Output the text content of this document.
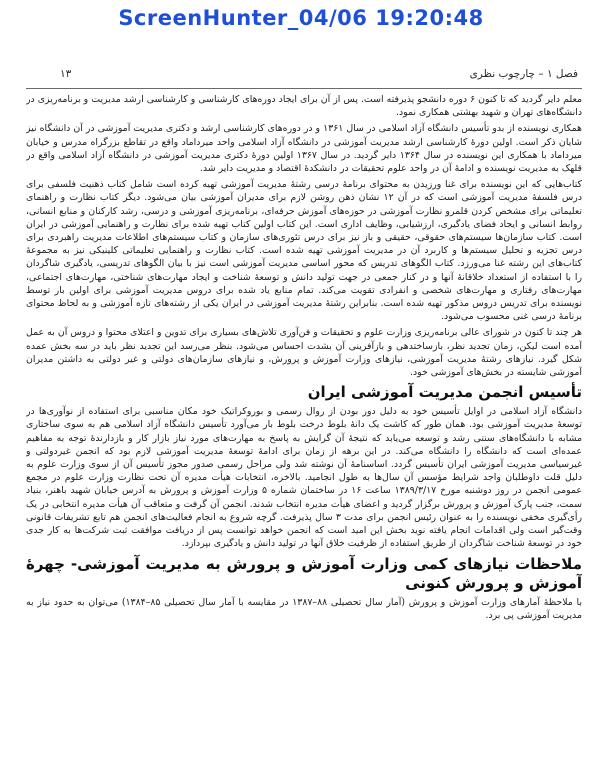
ScreenHunter_04/06 19:20:48
فصل ۱ – چارچوب نظری
۱۳

معلم دایر گردید که تا کنون ۶ دوره دانشجو پذیرفته است. پس از آن برای ایجاد دوره‌های کارشناسی و کارشناسی ارشد مدیریت و برنامه‌ریزی در دانشگاه‌های تهران و شهید بهشتی همکاری نمود.

همکاری نویسنده از بدو تأسیس دانشگاه آزاد اسلامی در سال ۱۳۶۱ و در دوره‌های کارشناسی ارشد و دکتری مدیریت آموزشی در آن دانشگاه نیز شایان ذکر است. اولین دورهٔ کارشناسی ارشد مدیریت آموزشی در دانشگاه آزاد اسلامی واحد میرداماد واقع در تقاطع بزرگراه مدرس و خیابان میرداماد با همکاری این نویسنده در سال ۱۳۶۴ دایر گردید. در سال ۱۳۶۷ اولین دورهٔ دکتری مدیریت آموزشی در دانشگاه آزاد اسلامی واقع در قلهک به مدیریت نویسنده و ادامهٔ آن در واحد علوم تحقیقات در دانشکدهٔ اقتصاد و مدیریت دایر شد.

کتاب‌هایی که این نویسنده برای غنا ورزیدن به محتوای برنامهٔ درسی رشتهٔ مدیریت آموزشی تهیه کرده است شامل کتاب ذهنیت فلسفی برای درس فلسفهٔ مدیریت آموزشی است که در آن ۱۲ نشان ذهن روشن لازم برای مدیران آموزشی بیان می‌شود. دیگر کتاب نظارت و راهنمای تعلیماتی برای مشخص کردن قلمرو نظارت آموزشی در حوزه‌های آموزش حرفه‌ای، برنامه‌ریزی آموزشی و درسی، رشد کارکنان و منابع انسانی، روابط انسانی و ایجاد فضای یادگیری، ارزشیابی، وظایف اداری است. این کتاب اولین کتاب تهیه شده برای نظارت و راهنمایی آموزشی در ایران است. کتاب سازمان‌ها سیستم‌های حقوقی، حقیقی و باز نیز برای درس تئوری‌های سازمان و کتاب سیستم‌های اطلاعات مدیریت راهبردی برای درس تجزیه و تحلیل سیستم‌ها و کاربرد آن در مدیریت آموزشی تهیه شده است. کتاب نظارت و راهنمایی تعلیماتی کلینیکی نیز به مجموعهٔ کتاب‌های این رشته غنا می‌ورزد. کتاب الگوهای تدریس که محور اساسی مدیریت آموزشی است نیز با بیان الگوهای تدریسی، یادگیری شاگردان را با استفاده از استعداد خلاقانهٔ آنها و در کنار جمعی در جهت تولید دانش و توسعهٔ شناخت و ایجاد مهارت‌های شناختی، مهارت‌های اجتماعی، مهارت‌های رفتاری و مهارت‌های شخصی و انفرادی تقویت می‌کند. تمام منابع یاد شده برای دروس مدیریت آموزشی برای اولین بار توسط نویسنده برای تدریس دروس مذکور تهیه شده است. بنابراین رشتهٔ مدیریت آموزشی در ایران یکی از رشته‌های تازه آموزشی و به لحاظ محتوای برنامهٔ درسی غنی محسوب می‌شود.

هر چند تا کنون در شورای عالی برنامه‌ریزی وزارت علوم و تحقیقات و فن‌آوری تلاش‌های بسیاری برای تدوین و اعتلای محتوا و دروس آن به عمل آمده است لیکن، زمان تجدید نظر، بازساختدهی و بازآفرینی آن بشدت احساس می‌شود. بنظر می‌رسد این تجدید نظر باید در سه بخش عمده شکل گیرد. نیازهای رشتهٔ مدیریت آموزشی، نیازهای وزارت آموزش و پرورش، و نیازهای سازمان‌های دولتی و غیر دولتی به داشتن مدیران آموزشی شایسته در بخش‌های آموزشی خود.

تأسیس انجمن مدیریت آموزشی ایران

دانشگاه آزاد اسلامی در اوایل تأسیس خود به دلیل دور بودن از روال رسمی و بوروکراتیک خود مکان مناسبی برای استفاده از نوآوری‌ها در توسعهٔ مدیریت آموزشی بود. همان طور که کاشت یک دانهٔ بلوط درخت بلوط بار می‌آورد تأسیس دانشگاه آزاد اسلامی هم به سوی ساختاری مشابه با دانشگاه‌های سنتی رشد و توسعه می‌یابد که نتیجهٔ آن گرایش به پاسخ به مهارت‌های مورد نیاز بازار کار و بازدارندهٔ توجه به مفاهیم عمده‌ای است که دانشگاه را دانشگاه می‌کند. در این برهه از زمان برای ادامهٔ توسعهٔ مدیریت آموزشی لازم بود که انجمن غیردولتی و غیرسیاسی مدیریت آموزشی ایران تأسیس گردد. اساسنامهٔ آن نوشته شد ولی مراحل رسمی صدور مجوز تأسیس آن از سوی وزارت علوم به دلیل قلت داوطلبان واجد شرایط مؤسس آن سال‌ها به طول انجامید. بالاخره، انتخابات هیأت مدیره آن تحت نظارت وزارت علوم در مجمع عمومی انجمن در روز دوشنبه مورخ ۱۳۸۹/۳/۱۷ ساعت ۱۶ در ساختمان شماره ۵ وزارت آموزش و پرورش به آدرس خیابان شهید باهنر، بنیاد سمت، جنب پارک آموزش و پرورش برگزار گردید و اعضای هیأت مدیره انتخاب شدند. انجمن آن گرفت و متعاقب آن هیأت مدیره انتخابی در یک رأی‌گیری مخفی نویسنده را به عنوان رئیس انجمن برای مدت ۳ سال پذیرفت. گرچه شروع به انجام فعالیت‌های انجمن هم تابع تشریفات قانونی وقت‌گیر است ولی اقدامات انجام یافته نوید بخش این امید است که انجمن خواهد توانست پس از دریافت موافقت ثبت شرکت‌ها به کار جدی خود در توسعهٔ شناخت شاگردان از طریق استفاده از ظرفیت خلاق آنها در تولید دانش و یادگیری بپردازد.

ملاحظات نیازهای کمی وزارت آموزش و پرورش به مدیریت آموزشی- چهرهٔ آموزش و پرورش کنونی

با ملاحظهٔ آمارهای وزارت آموزش و پرورش (آمار سال تحصیلی ۸۸–۱۳۸۷ در مقایسه با آمار سال تحصیلی ۸۵–۱۳۸۴) می‌توان به حدود نیاز به مدیریت آموزشی پی برد.
